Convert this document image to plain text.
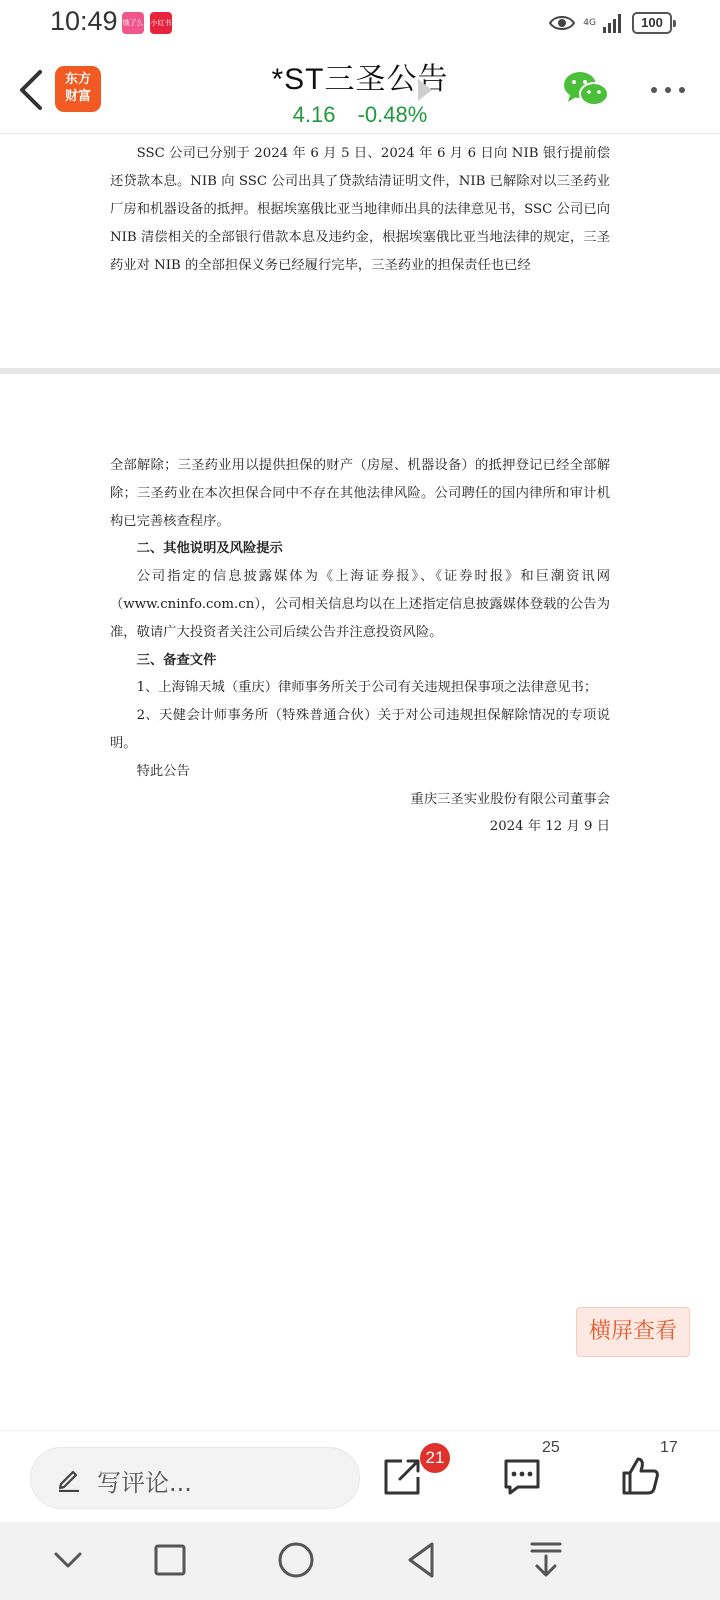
10:49 饿了么 小红书	4G	100
东方
财富
*ST三圣公告
4.16 -0.48%

SSC 公司已分别于 2024 年 6 月 5 日、2024 年 6 月 6 日向 NIB 银行提前偿还贷款本息。NIB 向 SSC 公司出具了贷款结清证明文件，NIB 已解除对以三圣药业厂房和机器设备的抵押。根据埃塞俄比亚当地律师出具的法律意见书，SSC 公司已向 NIB 清偿相关的全部银行借款本息及违约金，根据埃塞俄比亚当地法律的规定，三圣药业对 NIB 的全部担保义务已经履行完毕，三圣药业的担保责任也已经

全部解除；三圣药业用以提供担保的财产（房屋、机器设备）的抵押登记已经全部解除；三圣药业在本次担保合同中不存在其他法律风险。公司聘任的国内律所和审计机构已完善核查程序。

二、其他说明及风险提示

公司指定的信息披露媒体为《上海证券报》、《证券时报》和巨潮资讯网（www.cninfo.com.cn），公司相关信息均以在上述指定信息披露媒体登载的公告为准，敬请广大投资者关注公司后续公告并注意投资风险。

三、备查文件

1、上海锦天城（重庆）律师事务所关于公司有关违规担保事项之法律意见书；

2、天健会计师事务所（特殊普通合伙）关于对公司违规担保解除情况的专项说明。

特此公告

重庆三圣实业股份有限公司董事会

2024 年 12 月 9 日

横屏查看
写评论...
21
25	17
